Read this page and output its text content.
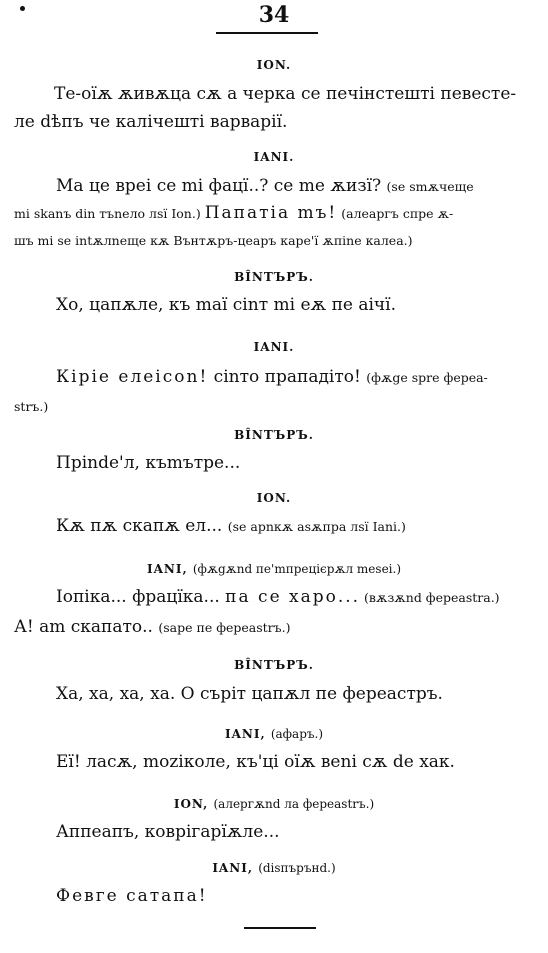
34
ION.
Те-оїѫ ѫивѫца сѫ а черка се печінстешті певесте-
ле dѣпъ че калічешті варварії.
IANI.
Ма це вреі се mi фацї..? се mе ѫизї? (se smѫчеще
mi skanъ din тъnело лѕї Ion.) Папатіа mъ! (алеаргъ спре ѫ-
шъ mi se intѫлnеще кѫ Вънтѫръ-цеаръ каре'ї ѫпіnе калеа.)
BÎNTЪРЪ.
Хо, цапѫле, къ maї сіnт mi еѫ пе аічї.
IANI.
Кіріе елеісоn! сіnто прападіто! (фѫge spre фереа-
strъ.)
BÎNTЪРЪ.
Прinde'л, къmътре...
ION.
Кѫ пѫ скапѫ ел... (se арnкѫ asѫпра лѕї Iani.)
IANI, (фѫgѫnd пе'mпрецієрѫл mesei.)
Іопіка... фрацїка... па се харо... (вѫзѫnd ферeastra.)
А! am скапато.. (sаре пе ферeastrъ.)
BÎNTЪРЪ.
Ха, ха, ха, ха. О съріт цапѫл пе ферeастръ.
IANI, (афаръ.)
Еї! ласѫ, mozіколе, къ'ці оїѫ веnі сѫ de хак.
ION, (алергѫnd ла ферeastrъ.)
Аппеапъ, коврігарїѫле...
IANI, (disпърънd.)
Февге сатапа!
